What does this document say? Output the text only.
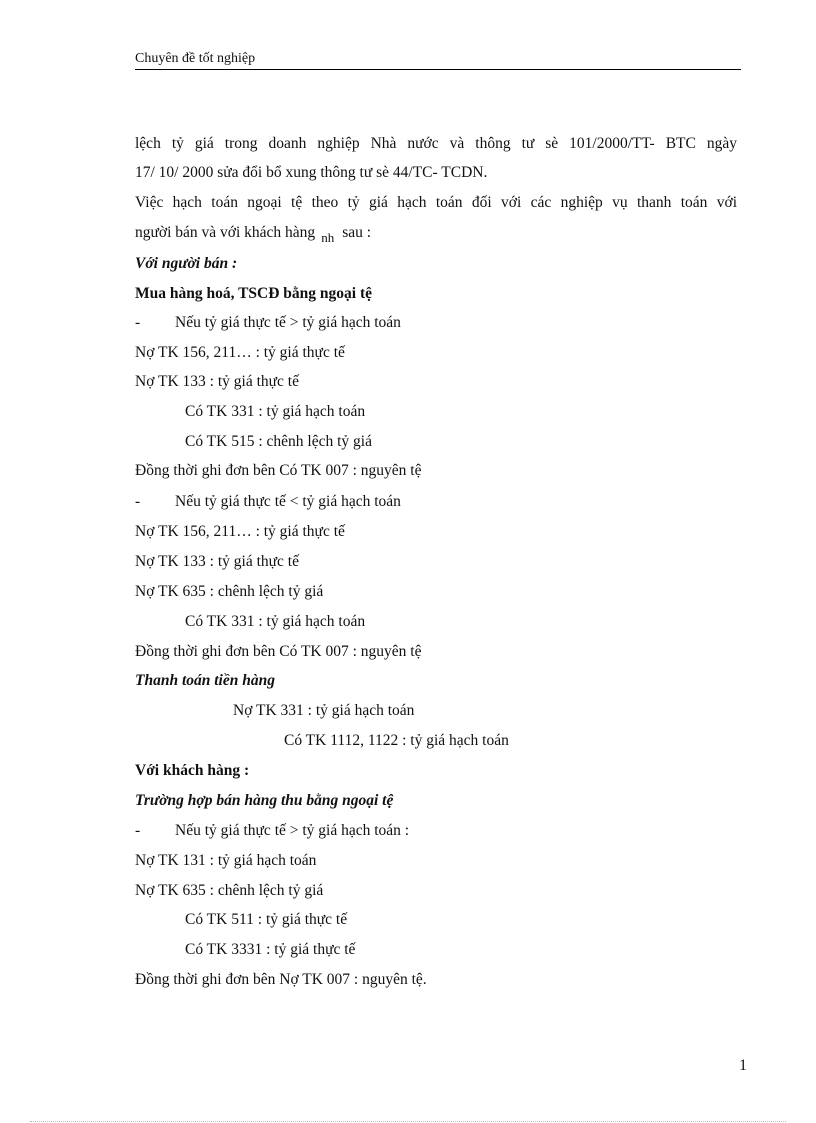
Chuyên đề tốt nghiệp
lệch tỷ giá trong doanh nghiệp Nhà nước và thông tư sè 101/2000/TT- BTC ngày
17/ 10/ 2000 sửa đổi bổ xung thông tư sè 44/TC- TCDN.
Việc hạch toán ngoại tệ theo tỷ giá hạch toán đối với các nghiệp vụ thanh toán với
người bán và với khách hàng $_{nh}$ sau :
Với người bán :
Mua hàng hoá, TSCĐ bằng ngoại tệ
-         Nếu tỷ giá thực tế > tỷ giá hạch toán
Nợ TK 156, 211… : tỷ giá thực tế
Nợ TK 133 : tỷ giá thực tế
Có TK 331 : tỷ giá hạch toán
Có TK 515 : chênh lệch tỷ giá
Đồng thời ghi đơn bên Có TK 007 : nguyên tệ
-         Nếu tỷ giá thực tế < tỷ giá hạch toán
Nợ TK 156, 211… : tỷ giá thực tế
Nợ TK 133 : tỷ giá thực tế
Nợ TK 635 : chênh lệch tỷ giá
Có TK 331 : tỷ giá hạch toán
Đồng thời ghi đơn bên Có TK 007 : nguyên tệ
Thanh toán tiền hàng
Nợ TK 331 : tỷ giá hạch toán
Có TK 1112, 1122 : tỷ giá hạch toán
Với khách hàng :
Trường hợp bán hàng thu bằng ngoại tệ
-         Nếu tỷ giá thực tế > tỷ giá hạch toán :
Nợ TK 131 : tỷ giá hạch toán
Nợ TK 635 : chênh lệch tỷ giá
Có TK 511 : tỷ giá thực tế
Có TK 3331 : tỷ giá thực tế
Đồng thời ghi đơn bên Nợ TK 007 : nguyên tệ.
1
